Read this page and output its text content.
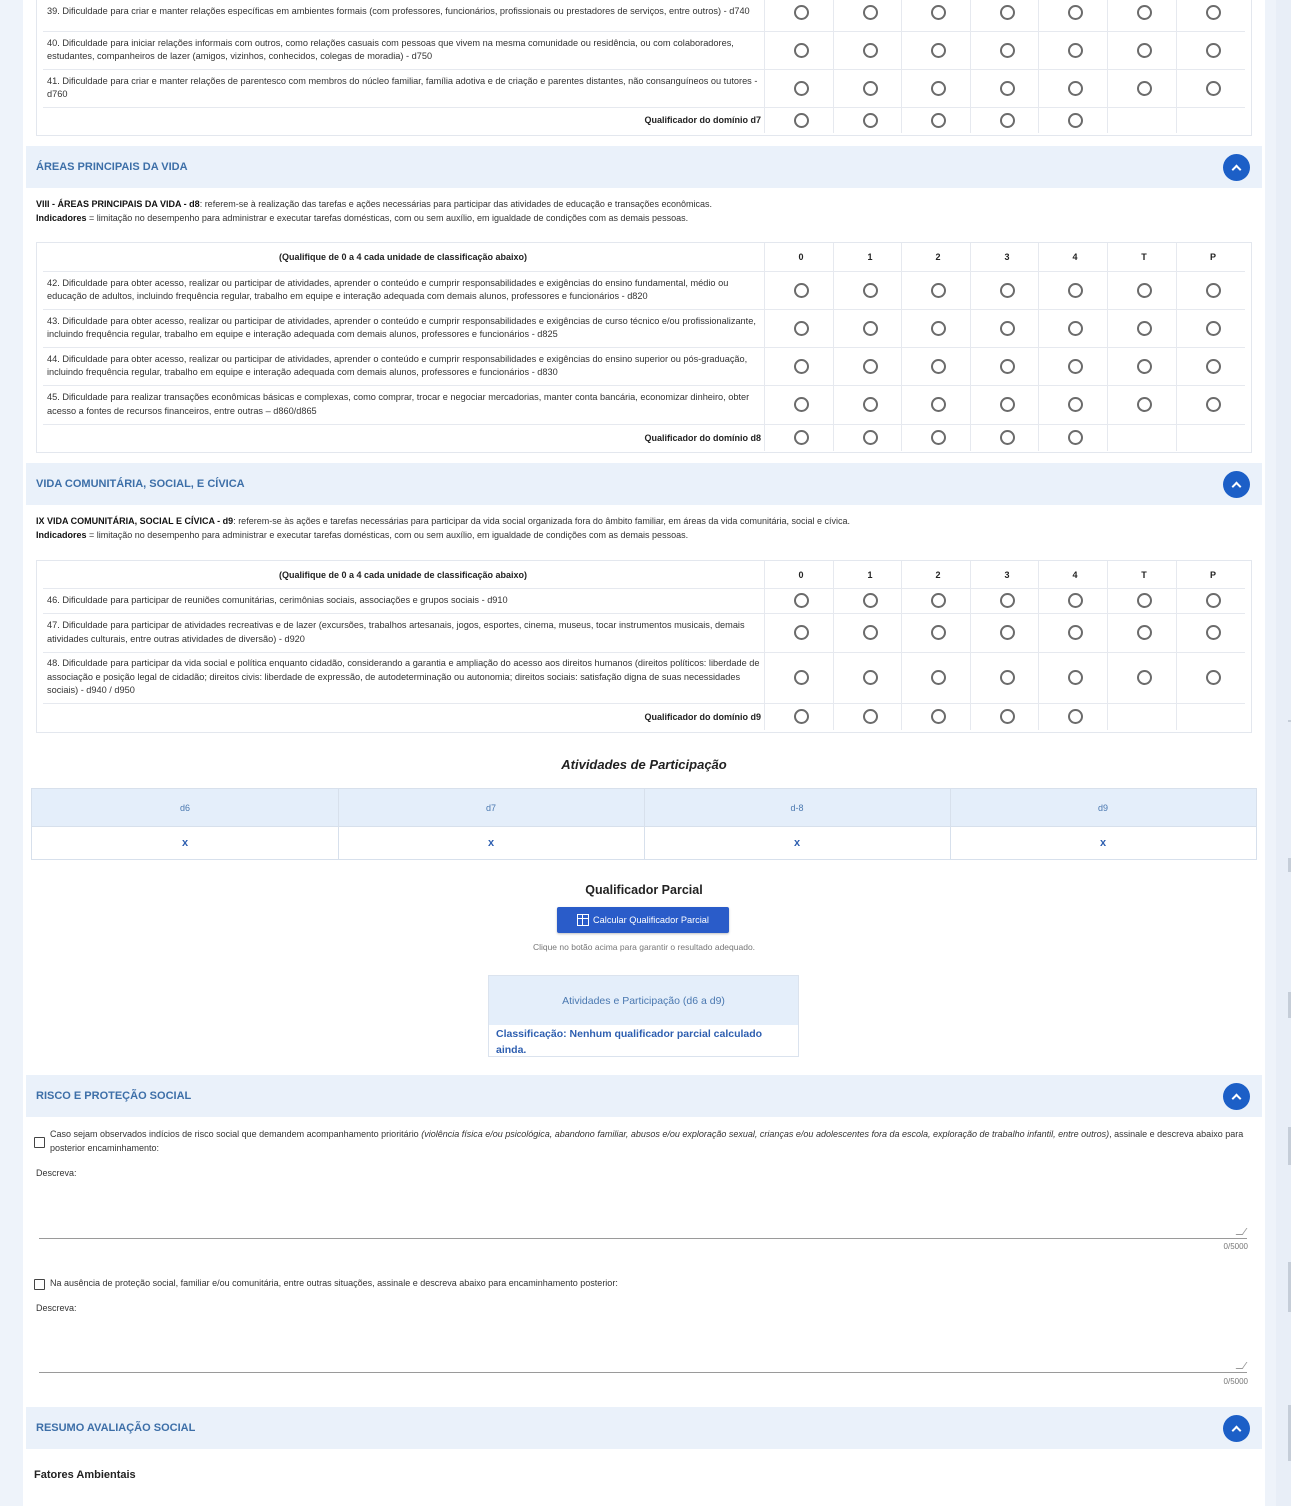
39. Dificuldade para criar e manter relações específicas em ambientes formais (com professores, funcionários, profissionais ou prestadores de serviços, entre outros) - d740
40. Dificuldade para iniciar relações informais com outros, como relações casuais com pessoas que vivem na mesma comunidade ou residência, ou com colaboradores, estudantes, companheiros de lazer (amigos, vizinhos, conhecidos, colegas de moradia) - d750
41. Dificuldade para criar e manter relações de parentesco com membros do núcleo familiar, família adotiva e de criação e parentes distantes, não consanguíneos ou tutores - d760
Qualificador do domínio d7
ÁREAS PRINCIPAIS DA VIDA
VIII - ÁREAS PRINCIPAIS DA VIDA - d8: referem-se à realização das tarefas e ações necessárias para participar das atividades de educação e transações econômicas.
Indicadores = limitação no desempenho para administrar e executar tarefas domésticas, com ou sem auxílio, em igualdade de condições com as demais pessoas.
(Qualifique de 0 a 4 cada unidade de classificação abaixo)	0	1	2	3	4	T	P
42. Dificuldade para obter acesso, realizar ou participar de atividades, aprender o conteúdo e cumprir responsabilidades e exigências do ensino fundamental, médio ou educação de adultos, incluindo frequência regular, trabalho em equipe e interação adequada com demais alunos, professores e funcionários - d820
43. Dificuldade para obter acesso, realizar ou participar de atividades, aprender o conteúdo e cumprir responsabilidades e exigências de curso técnico e/ou profissionalizante, incluindo frequência regular, trabalho em equipe e interação adequada com demais alunos, professores e funcionários - d825
44. Dificuldade para obter acesso, realizar ou participar de atividades, aprender o conteúdo e cumprir responsabilidades e exigências do ensino superior ou pós-graduação, incluindo frequência regular, trabalho em equipe e interação adequada com demais alunos, professores e funcionários - d830
45. Dificuldade para realizar transações econômicas básicas e complexas, como comprar, trocar e negociar mercadorias, manter conta bancária, economizar dinheiro, obter acesso a fontes de recursos financeiros, entre outras – d860/d865
Qualificador do domínio d8
VIDA COMUNITÁRIA, SOCIAL, E CÍVICA
IX VIDA COMUNITÁRIA, SOCIAL E CÍVICA - d9: referem-se às ações e tarefas necessárias para participar da vida social organizada fora do âmbito familiar, em áreas da vida comunitária, social e cívica.
Indicadores = limitação no desempenho para administrar e executar tarefas domésticas, com ou sem auxílio, em igualdade de condições com as demais pessoas.
(Qualifique de 0 a 4 cada unidade de classificação abaixo)	0	1	2	3	4	T	P
46. Dificuldade para participar de reuniões comunitárias, cerimônias sociais, associações e grupos sociais - d910
47. Dificuldade para participar de atividades recreativas e de lazer (excursões, trabalhos artesanais, jogos, esportes, cinema, museus, tocar instrumentos musicais, demais atividades culturais, entre outras atividades de diversão) - d920
48. Dificuldade para participar da vida social e política enquanto cidadão, considerando a garantia e ampliação do acesso aos direitos humanos (direitos políticos: liberdade de associação e posição legal de cidadão; direitos civis: liberdade de expressão, de autodeterminação ou autonomia; direitos sociais: satisfação digna de suas necessidades sociais) - d940 / d950
Qualificador do domínio d9
Atividades de Participação
d6	d7	d-8	d9
x	x	x	x
Qualificador Parcial
Calcular Qualificador Parcial
Clique no botão acima para garantir o resultado adequado.
Atividades e Participação (d6 a d9)
Classificação: Nenhum qualificador parcial calculado ainda.
RISCO E PROTEÇÃO SOCIAL
Caso sejam observados indícios de risco social que demandem acompanhamento prioritário (violência física e/ou psicológica, abandono familiar, abusos e/ou exploração sexual, crianças e/ou adolescentes fora da escola, exploração de trabalho infantil, entre outros), assinale e descreva abaixo para posterior encaminhamento:
Descreva:
0/5000
Na ausência de proteção social, familiar e/ou comunitária, entre outras situações, assinale e descreva abaixo para encaminhamento posterior:
Descreva:
0/5000
RESUMO AVALIAÇÃO SOCIAL
Fatores Ambientais
